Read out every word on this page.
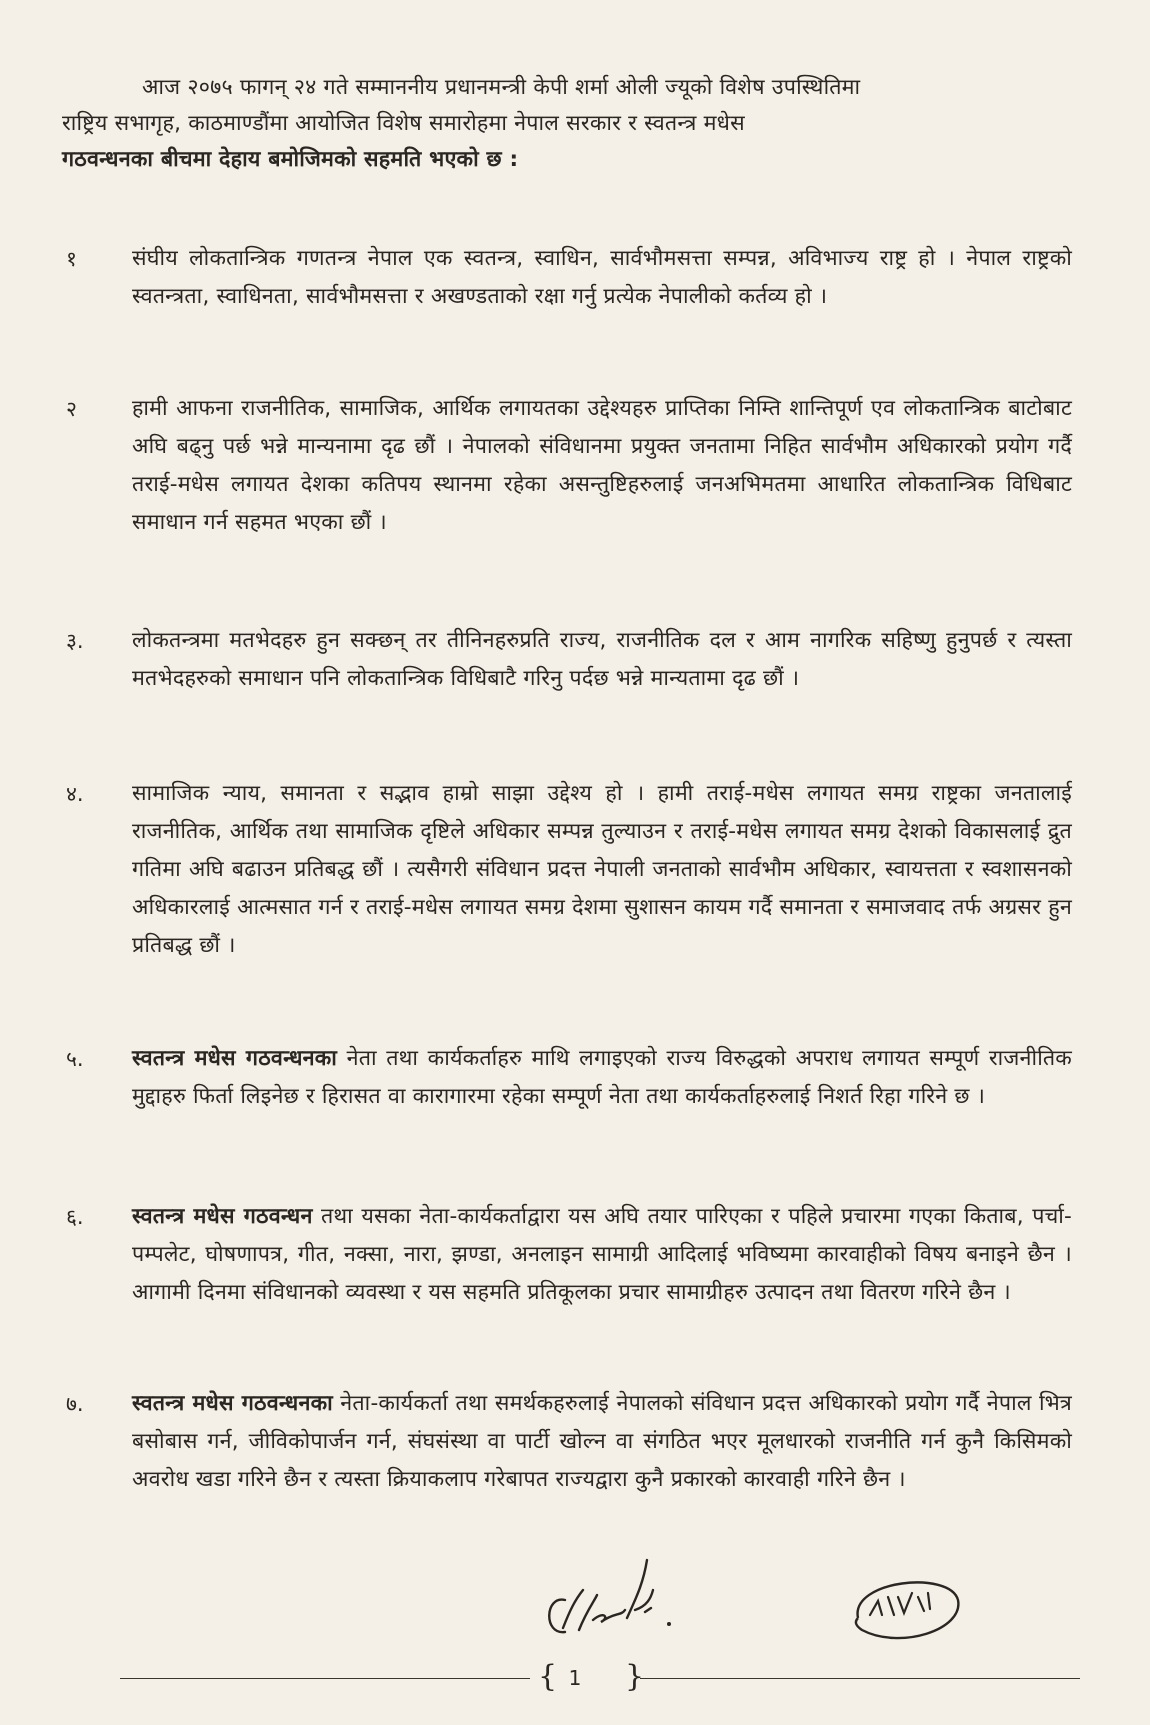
आज २०७५ फागन् २४ गते सम्माननीय प्रधानमन्त्री केपी शर्मा ओली ज्यूको विशेष उपस्थितिमा
राष्ट्रिय सभागृह, काठमाण्डौंमा आयोजित विशेष समारोहमा नेपाल सरकार र स्वतन्त्र मधेस
गठवन्धनका बीचमा देहाय बमोजिमको सहमति भएको छ :
१	संघीय लोकतान्त्रिक गणतन्त्र नेपाल एक स्वतन्त्र, स्वाधिन, सार्वभौमसत्ता सम्पन्न, अविभाज्य राष्ट्र हो । नेपाल राष्ट्रको स्वतन्त्रता, स्वाधिनता, सार्वभौमसत्ता र अखण्डताको रक्षा गर्नु प्रत्येक नेपालीको कर्तव्य हो ।
२	हामी आफना राजनीतिक, सामाजिक, आर्थिक लगायतका उद्देश्यहरु प्राप्तिका निम्ति शान्तिपूर्ण एव लोकतान्त्रिक बाटोबाट अघि बढ्नु पर्छ भन्ने मान्यनामा दृढ छौं । नेपालको संविधानमा प्रयुक्त जनतामा निहित सार्वभौम अधिकारको प्रयोग गर्दै तराई-मधेस लगायत देशका कतिपय स्थानमा रहेका असन्तुष्टिहरुलाई जनअभिमतमा आधारित लोकतान्त्रिक विधिबाट समाधान गर्न सहमत भएका छौं ।
३.	लोकतन्त्रमा मतभेदहरु हुन सक्छन् तर तीनिनहरुप्रति राज्य, राजनीतिक दल र आम नागरिक सहिष्णु हुनुपर्छ र त्यस्ता मतभेदहरुको समाधान पनि लोकतान्त्रिक विधिबाटै गरिनु पर्दछ भन्ने मान्यतामा दृढ छौं ।
४.	सामाजिक न्याय, समानता र सद्भाव हाम्रो साझा उद्देश्य हो । हामी तराई-मधेस लगायत समग्र राष्ट्रका जनतालाई राजनीतिक, आर्थिक तथा सामाजिक दृष्टिले अधिकार सम्पन्न तुल्याउन र तराई-मधेस लगायत समग्र देशको विकासलाई द्रुत गतिमा अघि बढाउन प्रतिबद्ध छौं । त्यसैगरी संविधान प्रदत्त नेपाली जनताको सार्वभौम अधिकार, स्वायत्तता र स्वशासनको अधिकारलाई आत्मसात गर्न र तराई-मधेस लगायत समग्र देशमा सुशासन कायम गर्दै समानता र समाजवाद तर्फ अग्रसर हुन प्रतिबद्ध छौं ।
५.	स्वतन्त्र मधेस गठवन्धनका नेता तथा कार्यकर्ताहरु माथि लगाइएको राज्य विरुद्धको अपराध लगायत सम्पूर्ण राजनीतिक मुद्दाहरु फिर्ता लिइनेछ र हिरासत वा कारागारमा रहेका सम्पूर्ण नेता तथा कार्यकर्ताहरुलाई निशर्त रिहा गरिने छ ।
६.	स्वतन्त्र मधेस गठवन्धन तथा यसका नेता-कार्यकर्ताद्वारा यस अघि तयार पारिएका र पहिले प्रचारमा गएका किताब, पर्चा-पम्पलेट, घोषणापत्र, गीत, नक्सा, नारा, झण्डा, अनलाइन सामाग्री आदिलाई भविष्यमा कारवाहीको विषय बनाइने छैन । आगामी दिनमा संविधानको व्यवस्था र यस सहमति प्रतिकूलका प्रचार सामाग्रीहरु उत्पादन तथा वितरण गरिने छैन ।
७.	स्वतन्त्र मधेस गठवन्धनका नेता-कार्यकर्ता तथा समर्थकहरुलाई नेपालको संविधान प्रदत्त अधिकारको प्रयोग गर्दै नेपाल भित्र बसोबास गर्न, जीविकोपार्जन गर्न, संघसंस्था वा पार्टी खोल्न वा संगठित भएर मूलधारको राजनीति गर्न कुनै किसिमको अवरोध खडा गरिने छैन र त्यस्ता क्रियाकलाप गरेबापत राज्यद्वारा कुनै प्रकारको कारवाही गरिने छैन ।
{ }
1
